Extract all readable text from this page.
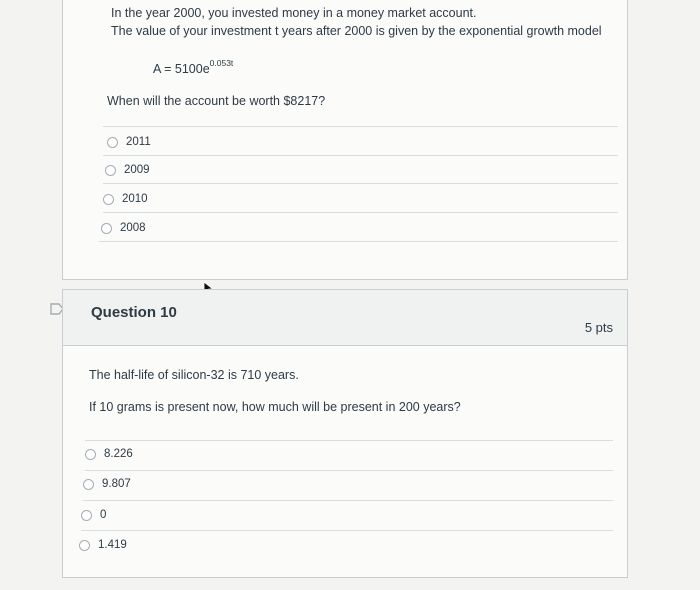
In the year 2000, you invested money in a money market account.
The value of your investment t years after 2000 is given by the exponential growth model
$A = 5100e^{0.053t}$
When will the account be worth $8217?
2011
2009
2010
2008
Question 10
5 pts
The half-life of silicon-32 is 710 years.
If 10 grams is present now, how much will be present in 200 years?
8.226
9.807
0
1.419
